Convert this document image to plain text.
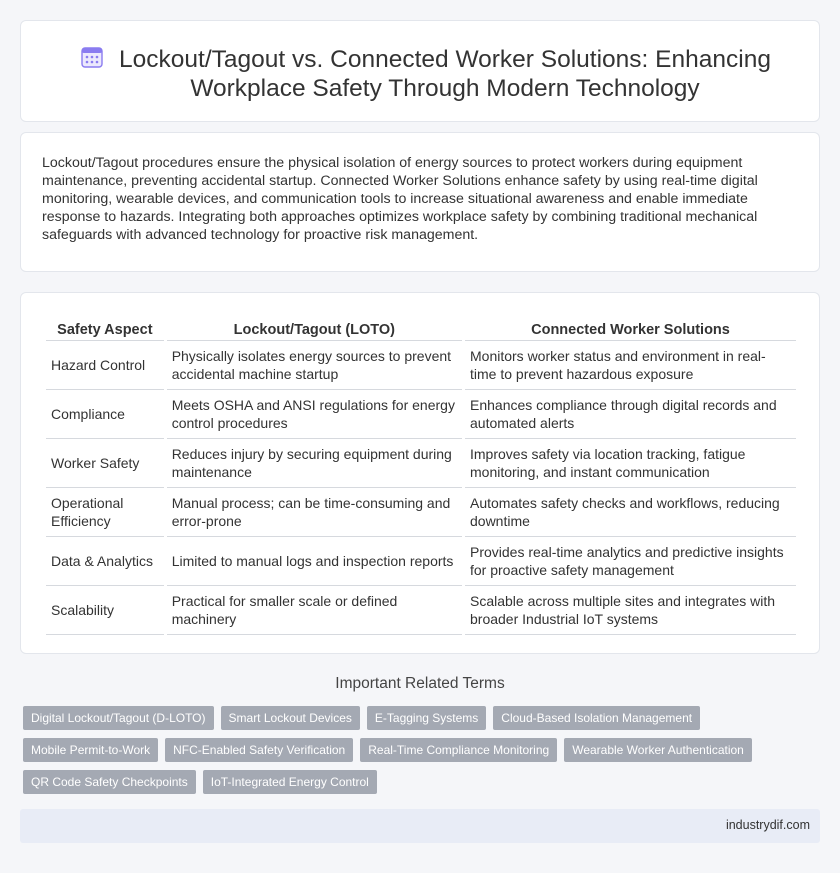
Lockout/Tagout vs. Connected Worker Solutions: Enhancing Workplace Safety Through Modern Technology

Lockout/Tagout procedures ensure the physical isolation of energy sources to protect workers during equipment maintenance, preventing accidental startup. Connected Worker Solutions enhance safety by using real-time digital monitoring, wearable devices, and communication tools to increase situational awareness and enable immediate response to hazards. Integrating both approaches optimizes workplace safety by combining traditional mechanical safeguards with advanced technology for proactive risk management.

Safety Aspect	Lockout/Tagout (LOTO)	Connected Worker Solutions
Hazard Control	Physically isolates energy sources to prevent accidental machine startup	Monitors worker status and environment in real-time to prevent hazardous exposure
Compliance	Meets OSHA and ANSI regulations for energy control procedures	Enhances compliance through digital records and automated alerts
Worker Safety	Reduces injury by securing equipment during maintenance	Improves safety via location tracking, fatigue monitoring, and instant communication
Operational Efficiency	Manual process; can be time-consuming and error-prone	Automates safety checks and workflows, reducing downtime
Data & Analytics	Limited to manual logs and inspection reports	Provides real-time analytics and predictive insights for proactive safety management
Scalability	Practical for smaller scale or defined machinery	Scalable across multiple sites and integrates with broader Industrial IoT systems
Important Related Terms
Digital Lockout/Tagout (D-LOTO)	Smart Lockout Devices	E-Tagging Systems	Cloud-Based Isolation Management
Mobile Permit-to-Work	NFC-Enabled Safety Verification	Real-Time Compliance Monitoring	Wearable Worker Authentication
QR Code Safety Checkpoints	IoT-Integrated Energy Control
industrydif.com
